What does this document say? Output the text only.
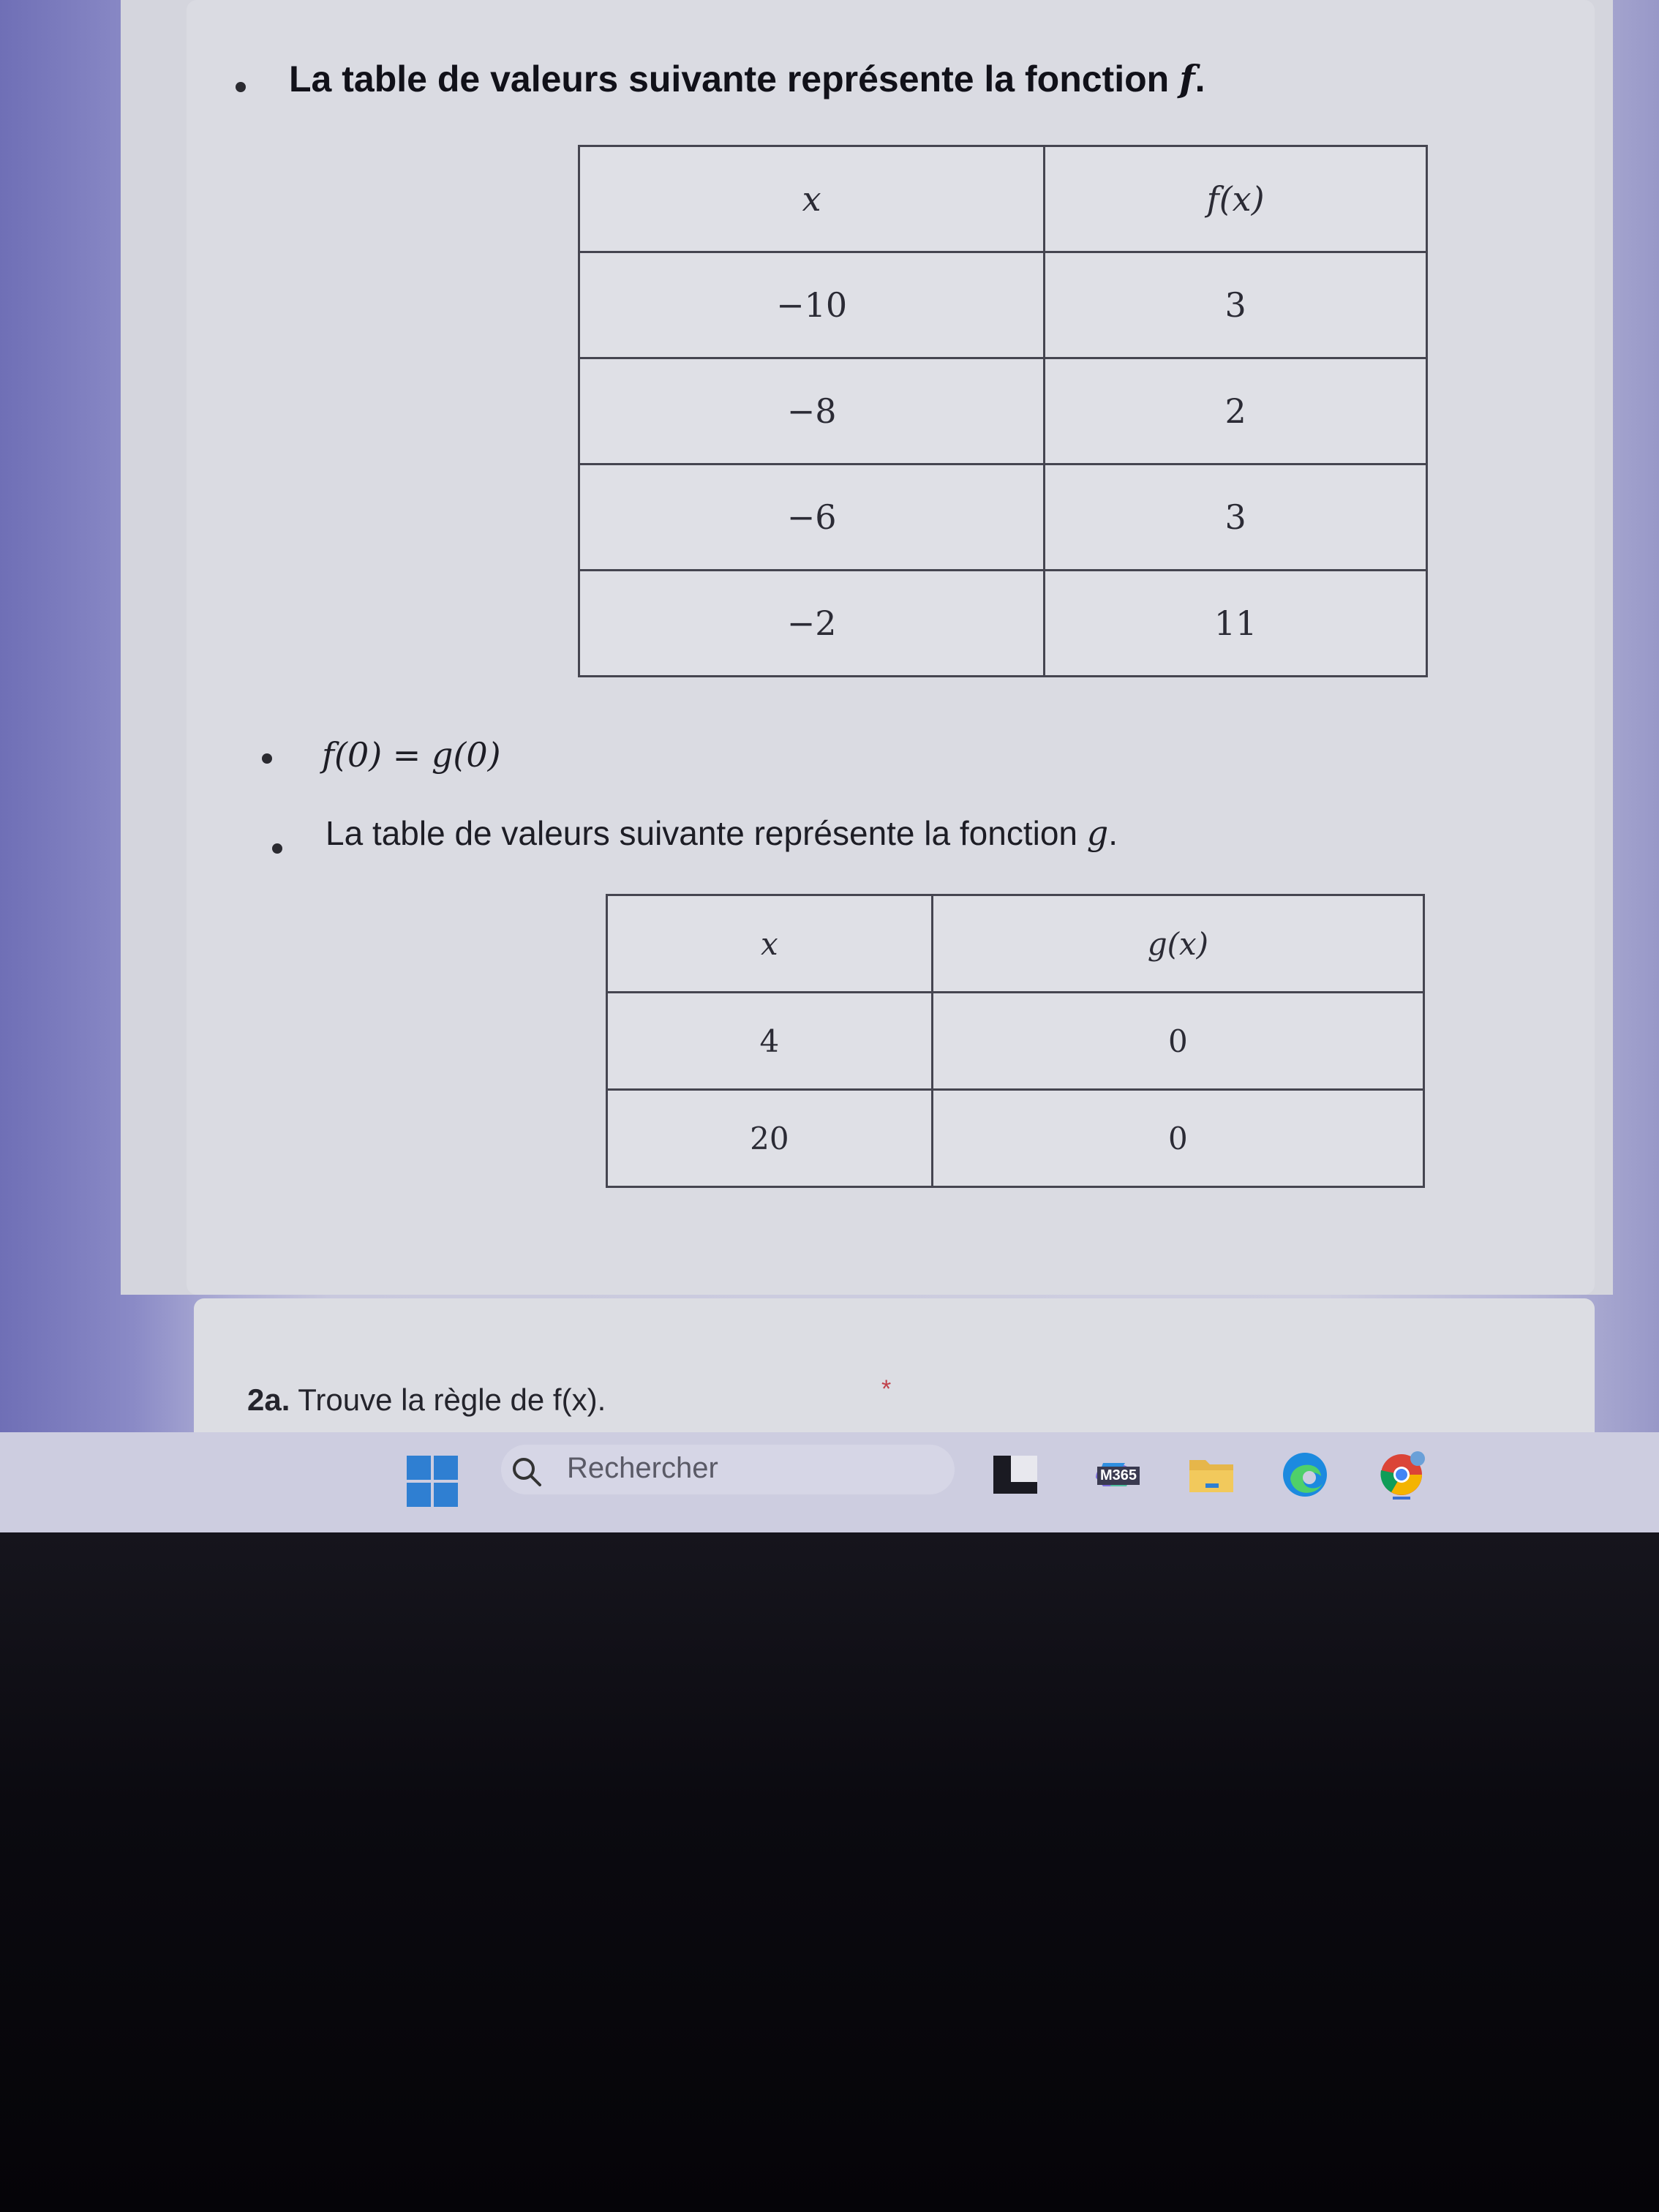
La table de valeurs suivante représente la fonction f.
x	f(x)
−10	3
−8	2
−6	3
−2	11
f(0) = g(0)
La table de valeurs suivante représente la fonction g.
x	g(x)
4	0
20	0
2a. Trouve la règle de f(x).	*
Rechercher	M365
